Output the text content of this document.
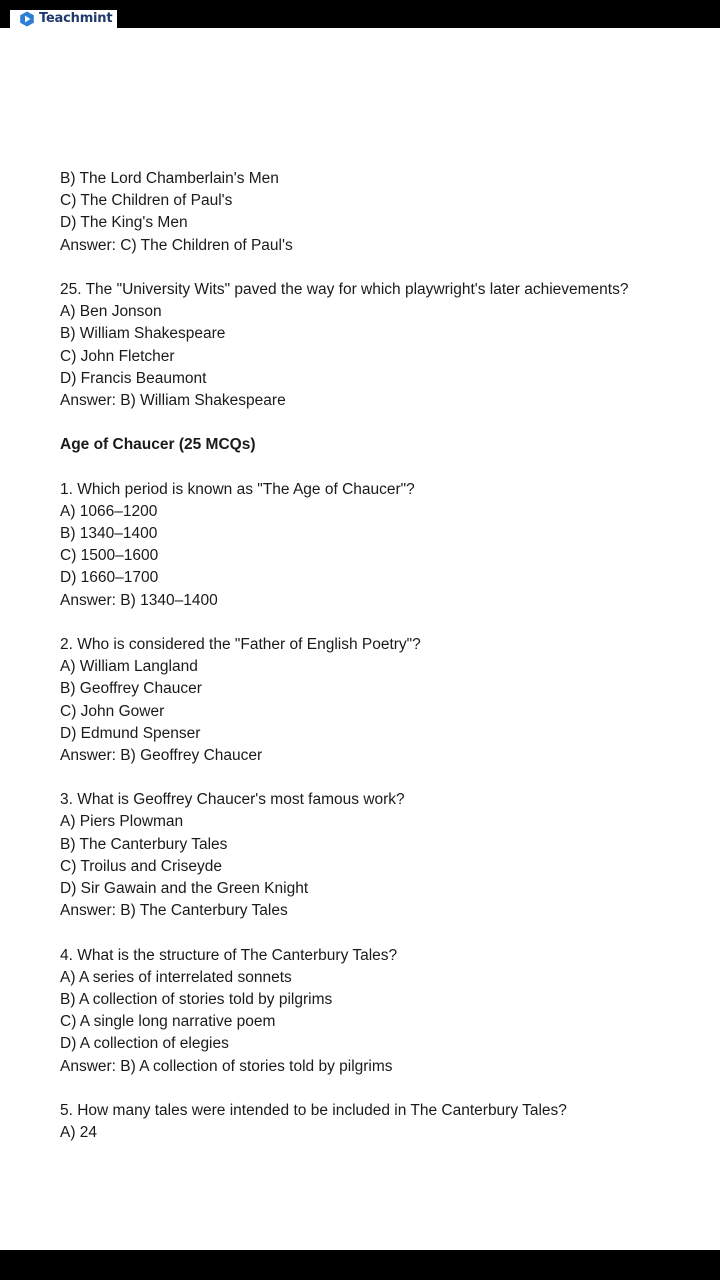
Teachmint
B) The Lord Chamberlain's Men
C) The Children of Paul's
D) The King's Men
Answer: C) The Children of Paul's
25. The "University Wits" paved the way for which playwright's later achievements?
A) Ben Jonson
B) William Shakespeare
C) John Fletcher
D) Francis Beaumont
Answer: B) William Shakespeare
Age of Chaucer (25 MCQs)
1. Which period is known as "The Age of Chaucer"?
A) 1066–1200
B) 1340–1400
C) 1500–1600
D) 1660–1700
Answer: B) 1340–1400
2. Who is considered the "Father of English Poetry"?
A) William Langland
B) Geoffrey Chaucer
C) John Gower
D) Edmund Spenser
Answer: B) Geoffrey Chaucer
3. What is Geoffrey Chaucer's most famous work?
A) Piers Plowman
B) The Canterbury Tales
C) Troilus and Criseyde
D) Sir Gawain and the Green Knight
Answer: B) The Canterbury Tales
4. What is the structure of The Canterbury Tales?
A) A series of interrelated sonnets
B) A collection of stories told by pilgrims
C) A single long narrative poem
D) A collection of elegies
Answer: B) A collection of stories told by pilgrims
5. How many tales were intended to be included in The Canterbury Tales?
A) 24
